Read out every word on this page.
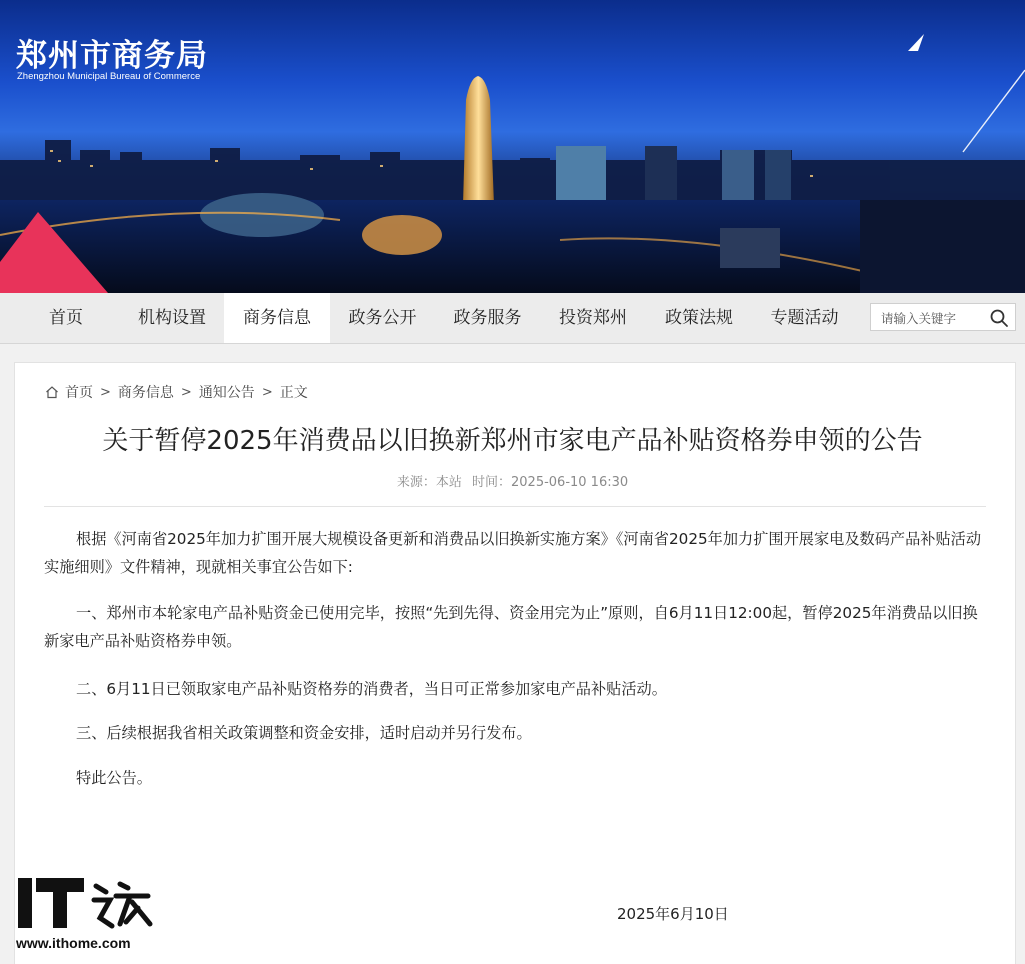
郑州市商务局
Zhengzhou Municipal Bureau of Commerce
首页	机构设置	商务信息	政务公开	政务服务	投资郑州	政策法规	专题活动
请输入关键字
首页 > 商务信息 > 通知公告 > 正文
关于暂停2025年消费品以旧换新郑州市家电产品补贴资格券申领的公告
来源：本站 时间：2025-06-10 16:30
根据《河南省2025年加力扩围开展大规模设备更新和消费品以旧换新实施方案》《河南省2025年加力扩围开展家电及数码产品补贴活动实施细则》文件精神，现就相关事宜公告如下:
一、郑州市本轮家电产品补贴资金已使用完毕，按照“先到先得、资金用完为止”原则，自6月11日12:00起，暂停2025年消费品以旧换新家电产品补贴资格券申领。
二、6月11日已领取家电产品补贴资格券的消费者，当日可正常参加家电产品补贴活动。
三、后续根据我省相关政策调整和资金安排，适时启动并另行发布。
特此公告。
2025年6月10日
www.ithome.com
